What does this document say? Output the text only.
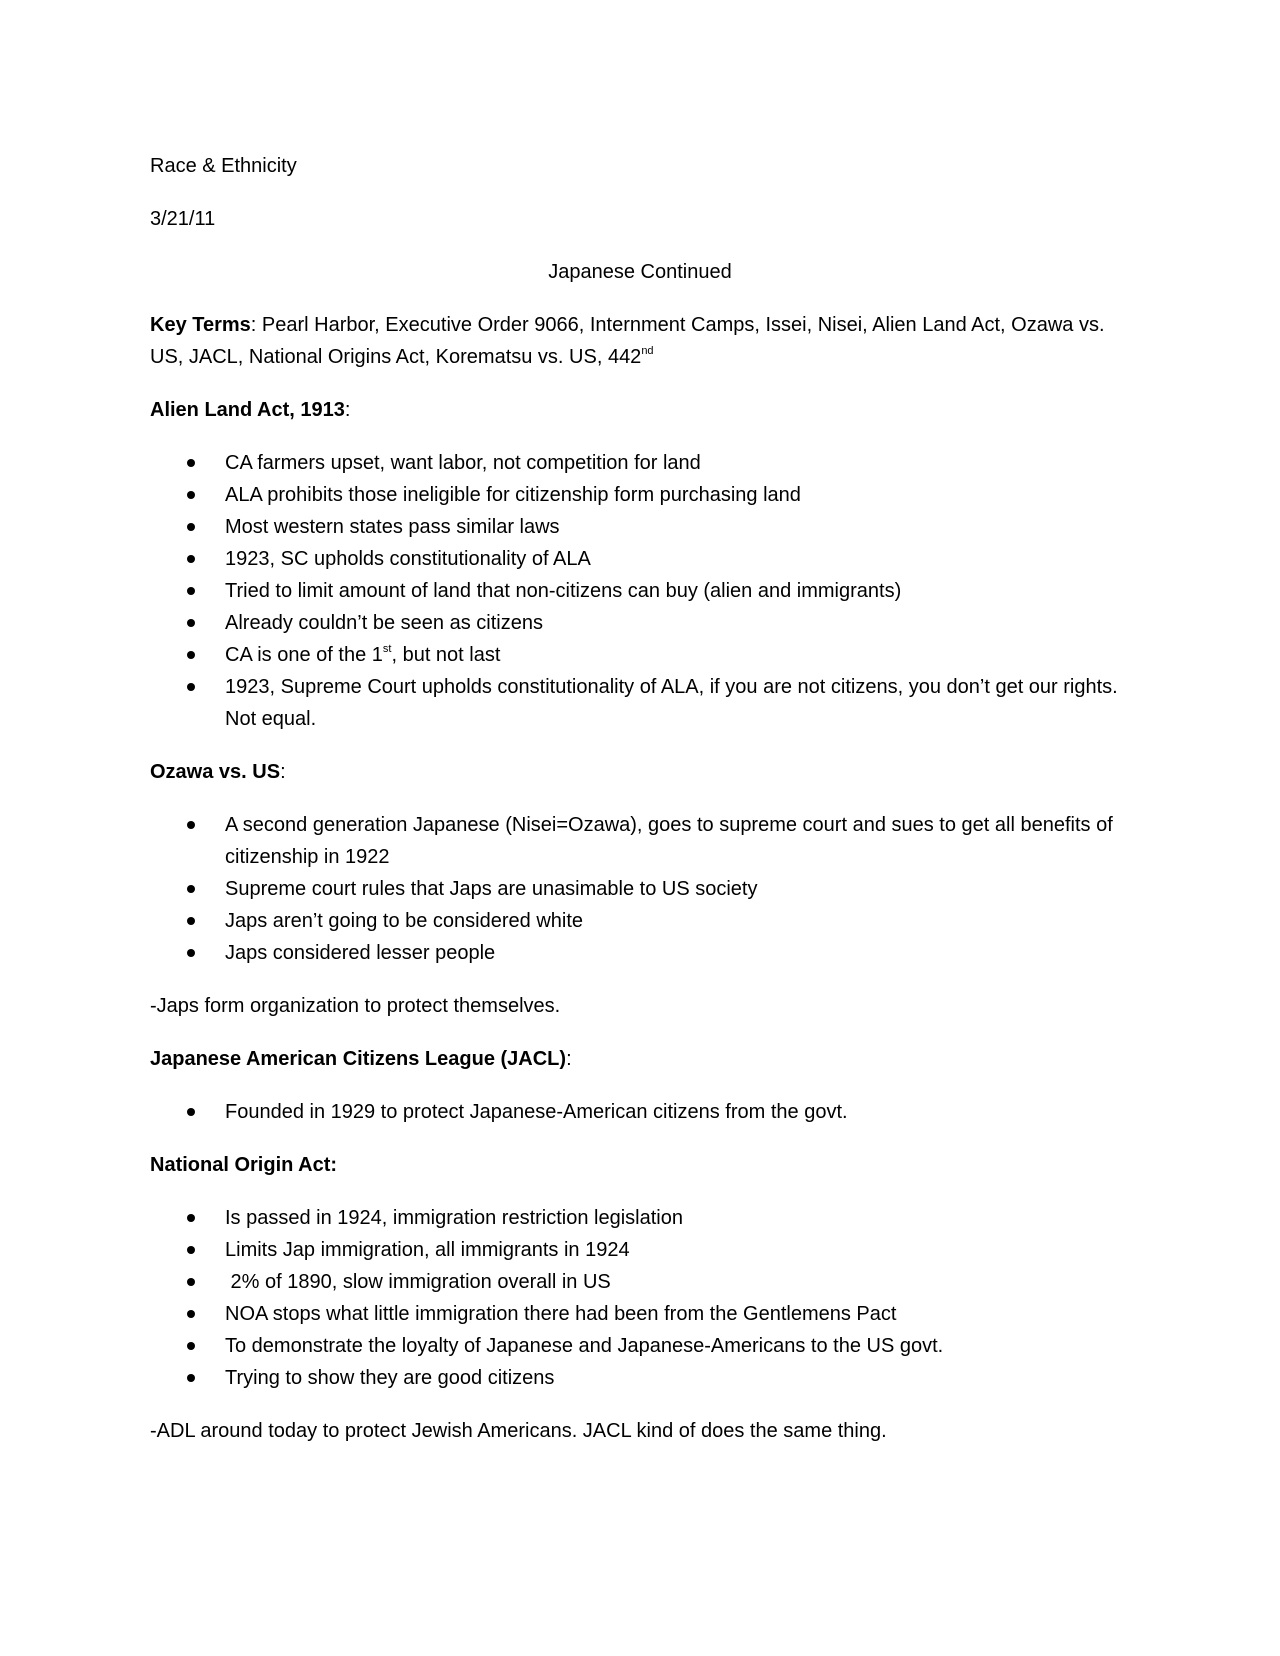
Race & Ethnicity

3/21/11

Japanese Continued

Key Terms: Pearl Harbor, Executive Order 9066, Internment Camps, Issei, Nisei, Alien Land Act, Ozawa vs. US, JACL, National Origins Act, Korematsu vs. US, 442nd

Alien Land Act, 1913:

CA farmers upset, want labor, not competition for land
ALA prohibits those ineligible for citizenship form purchasing land
Most western states pass similar laws
1923, SC upholds constitutionality of ALA
Tried to limit amount of land that non-citizens can buy (alien and immigrants)
Already couldn’t be seen as citizens
CA is one of the 1st, but not last
1923, Supreme Court upholds constitutionality of ALA, if you are not citizens, you don’t get our rights. Not equal.

Ozawa vs. US:

A second generation Japanese (Nisei=Ozawa), goes to supreme court and sues to get all benefits of citizenship in 1922
Supreme court rules that Japs are unasimable to US society
Japs aren’t going to be considered white
Japs considered lesser people

-Japs form organization to protect themselves.

Japanese American Citizens League (JACL):

Founded in 1929 to protect Japanese-American citizens from the govt.

National Origin Act:

Is passed in 1924, immigration restriction legislation
Limits Jap immigration, all immigrants in 1924
2% of 1890, slow immigration overall in US
NOA stops what little immigration there had been from the Gentlemens Pact
To demonstrate the loyalty of Japanese and Japanese-Americans to the US govt.
Trying to show they are good citizens

-ADL around today to protect Jewish Americans. JACL kind of does the same thing.
